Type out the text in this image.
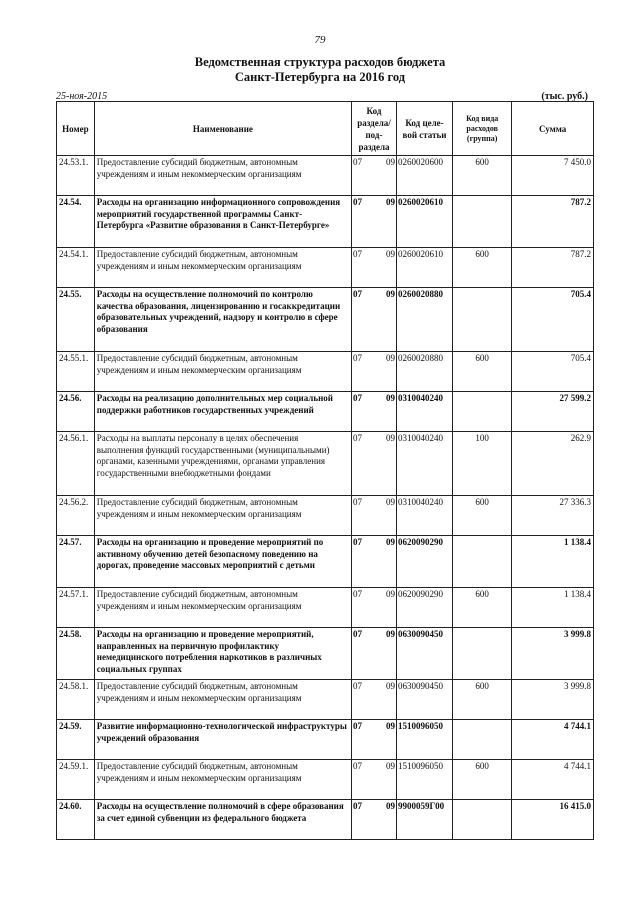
79
Ведомственная структура расходов бюджета
Санкт-Петербурга на 2016 год
25-ноя-2015	(тыс. руб.)
Номер	Наименование	Код раздела/ под- раздела	Код целе- вой статьи	Код вида расходов (группа)	Сумма
24.53.1.	Предоставление субсидий бюджетным, автономным учреждениям и иным некоммерческим организациям	07 09	0260020600	600	7 450.0
24.54.	Расходы на организацию информационного сопровождения мероприятий государственной программы Санкт-Петербурга «Развитие образования в Санкт-Петербурге»	07 09	0260020610		787.2
24.54.1.	Предоставление субсидий бюджетным, автономным учреждениям и иным некоммерческим организациям	07 09	0260020610	600	787.2
24.55.	Расходы на осуществление полномочий по контролю качества образования, лицензированию и госаккредитации образовательных учреждений, надзору и контролю в сфере образования	07 09	0260020880		705.4
24.55.1.	Предоставление субсидий бюджетным, автономным учреждениям и иным некоммерческим организациям	07 09	0260020880	600	705.4
24.56.	Расходы на реализацию дополнительных мер социальной поддержки работников государственных учреждений	07 09	0310040240		27 599.2
24.56.1.	Расходы на выплаты персоналу в целях обеспечения выполнения функций государственными (муниципальными) органами, казенными учреждениями, органами управления государственными внебюджетными фондами	07 09	0310040240	100	262.9
24.56.2.	Предоставление субсидий бюджетным, автономным учреждениям и иным некоммерческим организациям	07 09	0310040240	600	27 336.3
24.57.	Расходы на организацию и проведение мероприятий по активному обучению детей безопасному поведению на дорогах, проведение массовых мероприятий с детьми	07 09	0620090290		1 138.4
24.57.1.	Предоставление субсидий бюджетным, автономным учреждениям и иным некоммерческим организациям	07 09	0620090290	600	1 138.4
24.58.	Расходы на организацию и проведение мероприятий, направленных на первичную профилактику немедицинского потребления наркотиков в различных социальных группах	07 09	0630090450		3 999.8
24.58.1.	Предоставление субсидий бюджетным, автономным учреждениям и иным некоммерческим организациям	07 09	0630090450	600	3 999.8
24.59.	Развитие информационно-технологической инфраструктуры учреждений образования	07 09	1510096050		4 744.1
24.59.1.	Предоставление субсидий бюджетным, автономным учреждениям и иным некоммерческим организациям	07 09	1510096050	600	4 744.1
24.60.	Расходы на осуществление полномочий в сфере образования за счет единой субвенции из федерального бюджета	07 09	9900059Г00		16 415.0
